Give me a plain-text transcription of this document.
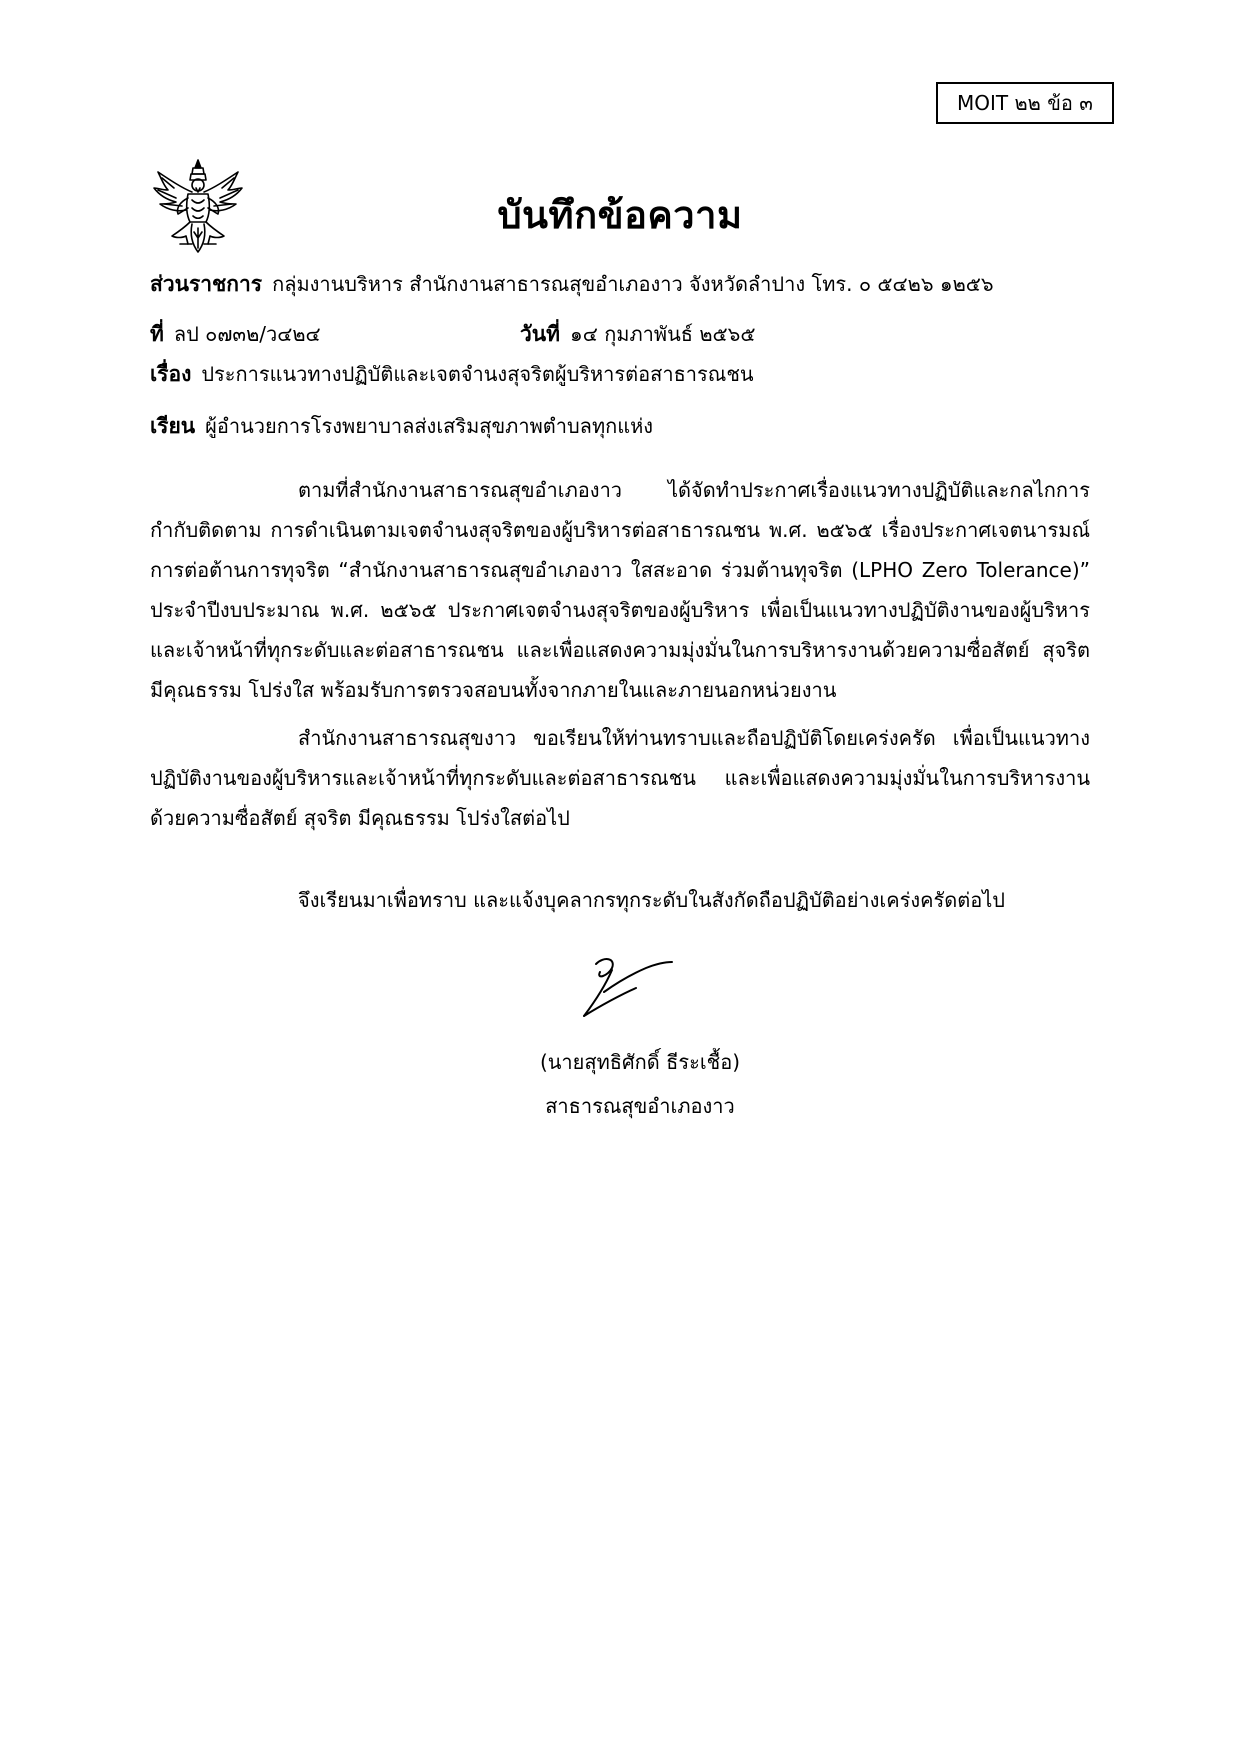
MOIT ๒๒ ข้อ ๓
บันทึกข้อความ
ส่วนราชการ กลุ่มงานบริหาร สำนักงานสาธารณสุขอำเภองาว จังหวัดลำปาง โทร. ๐ ๕๔๒๖ ๑๒๕๖
ที่ ลป ๐๗๓๒/ว๔๒๔	วันที่ ๑๔ กุมภาพันธ์ ๒๕๖๕
เรื่อง ประการแนวทางปฏิบัติและเจตจำนงสุจริตผู้บริหารต่อสาธารณชน
เรียน ผู้อำนวยการโรงพยาบาลส่งเสริมสุขภาพตำบลทุกแห่ง
ตามที่สำนักงานสาธารณสุขอำเภองาว ได้จัดทำประกาศเรื่องแนวทางปฏิบัติและกลไกการกำกับติดตาม การดำเนินตามเจตจำนงสุจริตของผู้บริหารต่อสาธารณชน พ.ศ. ๒๕๖๕ เรื่องประกาศเจตนารมณ์การต่อต้านการทุจริต “สำนักงานสาธารณสุขอำเภองาว ใสสะอาด ร่วมต้านทุจริต (LPHO Zero Tolerance)” ประจำปีงบประมาณ พ.ศ. ๒๕๖๕ ประกาศเจตจำนงสุจริตของผู้บริหาร เพื่อเป็นแนวทางปฏิบัติงานของผู้บริหารและเจ้าหน้าที่ทุกระดับและต่อสาธารณชน และเพื่อแสดงความมุ่งมั่นในการบริหารงานด้วยความซื่อสัตย์ สุจริต มีคุณธรรม โปร่งใส พร้อมรับการตรวจสอบนทั้งจากภายในและภายนอกหน่วยงาน
สำนักงานสาธารณสุขงาว ขอเรียนให้ท่านทราบและถือปฏิบัติโดยเคร่งครัด เพื่อเป็นแนวทางปฏิบัติงานของผู้บริหารและเจ้าหน้าที่ทุกระดับและต่อสาธารณชน และเพื่อแสดงความมุ่งมั่นในการบริหารงานด้วยความซื่อสัตย์ สุจริต มีคุณธรรม โปร่งใสต่อไป
จึงเรียนมาเพื่อทราบ และแจ้งบุคลากรทุกระดับในสังกัดถือปฏิบัติอย่างเคร่งครัดต่อไป
(นายสุทธิศักดิ์ ธีระเชื้อ)
สาธารณสุขอำเภองาว
